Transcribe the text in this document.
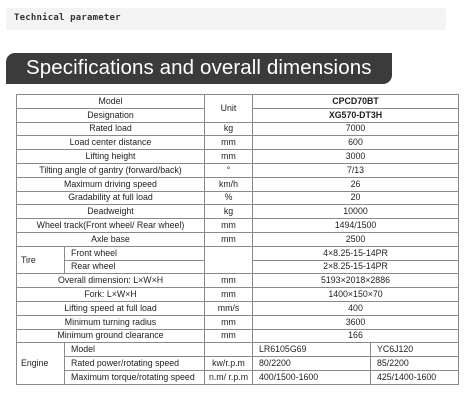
Technical parameter
Specifications and overall dimensions
Model		Unit	CPCD70BT	
Designation			XG570-DT3H	
Rated load		kg	7000	
Load center distance		mm	600	
Lifting height		mm	3000	
Tilting angle of gantry (forward/back)		°	7/13	
Maximum driving speed		km/h	26	
Gradability at full load		%	20	
Deadweight		kg	10000	
Wheel track(Front wheel/ Rear wheel)		mm	1494/1500	
Axle base		mm	2500	
Tire	Front wheel		4×8.25-15-14PR	
	Rear wheel		2×8.25-15-14PR	
Overall dimension: L×W×H		mm	5193×2018×2886	
Fork: L×W×H		mm	1400×150×70	
Lifting speed at full load		mm/s	400	
Minimum turning radius		mm	3600	
Minimum ground clearance		mm	166	
Engine	Model		LR6105G69	YC6J120
	Rated power/rotating speed	kw/r.p.m	80/2200	85/2200
	Maximum torque/rotating speed	n.m/ r.p.m	400/1500-1600	425/1400-1600
